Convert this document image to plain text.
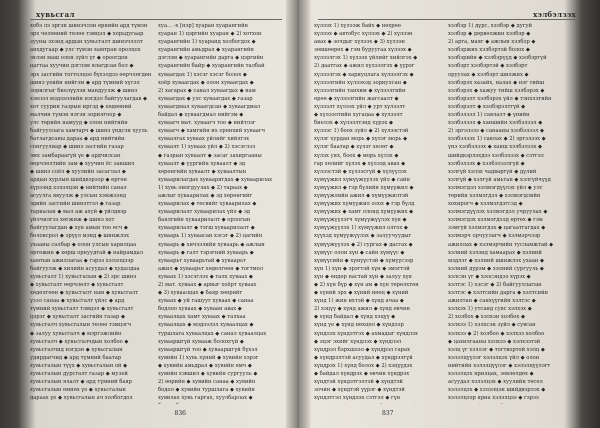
хувьсгал
хобэ лэ эргэн шинэчлэн өрнийн ард түмэн
эрх чөлөөний төлөө тэмцэл ◆ хорьдугаар
зууны эхэнд ардын хувьсгалт шинэчлэлт
анхдугаар ◆ улс түмэн хамтран оролцох
эхлэн маш олон зүйл үг ◆ ороогдон
цагтаа хуучин дэглэм ялагдсан бол ◆
эрх засгийн тогтолцоо бүхэлдээ өөрчлөгдөн
шинэ үеийн нийгэм ◆ ард түмний хүсэл
зорилгыг биелүүлэн мандуулж ◆ шинэ
хэвлэл мэдээллийн нэгдэл байгуулагдав ◆
хот суурин газрын иргэд ◆ хөдөөний
малчин түмэн нэгэн зорилгоор ◆
улс төрийн намууд ◆ олон нийтийн
байгууллага хамтарч ◆ шинэ үндсэн хууль
батлагдсаны дараа ◆ ард нийтийн
сонгуулиар ◆ шинэ засгийн газар
эмх замбараагүй үе ◆ ардчилсан
өөрчлөлтийн зам ◆ хуучин ёс заншил
◆ шинэ соёл ◆ хуулийн засаглал ◆
ардын хурлын шийдвэрээр ◆ өргөн
хүрээнд хэлэлцэн ◆ нийтийн санал
асуулга явуулж ◆ улсын хэмжээнд
эдийн засгийн шинэтгэл ◆ газар
тариалан ◆ мал аж ахуй ◆ үйлдвэр
үйлчилгээ хөгжиж ◆ шинэ хот
байгуулагдан ◆ хүн амын тоо өсч ◆
боловсрол ◆ эрүүл мэнд ◆ шинжлэх
ухааны салбар ◆ олон улсын харилцаа
өргөжин ◆ хөрш орнуудтай ◆ найрамдал
хамтын ажиллагаа ◆ гэрээ хэлэлцээр
байгуулж ◆ хилийн асуудал ◆ худалдаа
хувьсгалт 1) хувьсгалын ◆ 2) эрс шинэ
◆ хувьсгалт өөрчлөлт ◆ хувьсгалт
хөдөлгөөн ◆ хувьсгалт нам ◆ хувьсгалт
үзэл санаа ◆ хувьсгалт үйлс ◆ ард
түмний хувьсгалт тэмцэл ◆ хувьсгалт
цэрэг ◆ хувьсгалт засгийн газар ◆
хувьсгалч хувьсгалын төлөө тэмцэгч
◆ залуу хувьсгалч ◆ мэргэжлийн
хувьсгалч ◆ хувьсгалчдын холбоо ◆
хувьсгалчид нэгдэн ◆ хувьсгалын
удирдагчид ◆ ард түмний баатар
хувьсгалын түүх ◆ хувьсгалын ой ◆
хувьсгалын дурсгалт газар ◆ музей
хувьсгалын ялалт ◆ ард түмний баяр
хувьсгалын өмнөх үе ◆ хувьсгалын
дараах үе ◆ хувьсгалын ач холбогдол
хуа... -х [нэр] хуаран хуарангийн
хуаран 1) цэргийн хуаран ◆ 2) хотхон
хуарангийн 1) хуаранд холбогдох ◆
хуарангийн амьдрал ◆ хуарангийн
дэглэм ◆ хуарангийн дарга ◆ цэргийн
хуарангийн байр ◆ хуарангийн талбай
хуваагдах 1) хэсэг хэсэг болох ◆
хоёр хуваагдах ◆ олон хуваагдах ◆
2) хагарах ◆ санал хуваагдах ◆ нам
хуваагдах ◆ улс хуваагдах ◆ газар
хуваагдмал хуваагдсан ◆ хуваагдмал
байдал ◆ хуваагдмал нийгэм ◆
хуваагч мат. хуваагч тоо ◆ нийтлэг
хуваагч ◆ хамгийн их ерөнхий хуваагч
хуваалгах хуваах үйлийг хийлгэх
хуваалт 1) хуваах үйл ◆ 2) хэсэглэл
◆ газрын хуваалт ◆ засаг захиргааны
хуваалт ◆ үүргийн хуваалт ◆ эд
хөрөнгийн хуваалт ◆ хуваалтын
хуваарилагдах хувааригдах ◆ хуваарилах
1) хувь оногдуулах ◆ 2) тараах ◆
ажлыг хуваарилах ◆ эд хөрөнгийг
хуваарилах ◆ төсвийг хуваарилах ◆
хуваарилалт хуваарилах үйл ◆ эд
баялгийн хуваарилалт ◆ орлогын
хуваарилалт ◆ тэгш хуваарилалт ◆
хуваарь 1) хуваасан хэсэг ◆ 2) цагийн
хуваарь ◆ хичээлийн хуваарь ◆ ажлын
хуваарь ◆ галт тэрэгний хуваарь ◆
хуваарьт хуваарьтай ◆ хуваарьт
ажил ◆ хуваарьт хөдөлгөөн ◆ тогтмол
хуваах 1) хэсэглэх ◆ талх хуваах ◆
2) мат. хуваах ◆ арвыг хоёрт хуваах
◆ 3) хуваалцах ◆ баяр хөөрийг
хуваах ◆ уй гашууг хуваах ◆ санаа
бодлоо хуваах ◆ хуваан авах ◆
хуваалцах хамт хуваах ◆ талхаа
хуваалцах ◆ мэдээлэл хуваалцах ◆
туршлага хуваалцах ◆ санал хуваалцах
хувааршгүй хувааж болохгүй ◆
хувааршгүй тоо ◆ хувааршгүй бүхэл
хувийн 1) хувь хүний ◆ хувийн хэрэг
◆ хувийн амьдрал ◆ хувийн өмч ◆
хувийн хэвшил ◆ хувийн сургууль ◆
2) өөрийн ◆ хувийн санаа ◆ хувийн
бодол ◆ хувийн туршлага ◆ хувийн
хувилах хувь гаргах, хуулбарлах ◆
836
хэлбэлзэх
хүлээх 1) хүлээж байх ◆ нөхрөө
хүлээх ◆ автобус хүлээх ◆ 2) хүлээн
авах ◆ зочдыг хүлээх ◆ 3) хүлээн
зөвшөөрөх ◆ гэм буруугаа хүлээх ◆
хүлээлгэх 1) хүлээх үйлийг хийлгэх ◆
2) даатгах ◆ ажил хүлээлгэх ◆ үүрэг
хүлээлгэх ◆ хариуцлага хүлээлгэх ◆
хүлээлгийн хүлээхэд зориулсан ◆
хүлээлгийн танхим ◆ хүлээлгийн
өрөө ◆ хүлээлгийн жагсаалт ◆
хүлээлт хүлээх үйл ◆ урт хүлээлт
◆ хүлээлтийн хугацаа ◆ хүлээлт
биелэх ◆ хүлээлтэнд хүрэх ◆
хүлээс 1) боох зүйл ◆ 2) хүлээстэй
хүлэг хурдан морь ◆ хүлэг морь ◆
хүлэг баатар ◆ хүлэг хөлөг ◆
хүлэх уях, боох ◆ морь хүлэх ◆
гар хөлийг хүлэх ◆ хүлээд авах ◆
хүлээстэй ◆ хүлээсгүй ◆ хүлүүлэх
хүмүүжил хүмүүжүүлэх үйл ◆ сайн
хүмүүжил ◆ гэр бүлийн хүмүүжил ◆
хүмүүжлийн ажил ◆ хүмүүжилтэй
хүмүүжих хүмүүжил олох ◆ гэр бүлд
хүмүүжих ◆ хамт олонд хүмүүжих ◆
хүмүүжүүлэгч хүмүүжүүлэх хүн ◆
хүмүүжүүлэх 1) хүмүүжил олгох ◆
хүүхэд хүмүүжүүлэх ◆ залуучуудыг
хүмүүжүүлэх ◆ 2) сургах ◆ дасгах ◆
хүмүүс олон хүн ◆ сайн хүмүүс ◆
хүмүүсийн ◆ хүмүүстэй ◆ хүмүүсээр
хүн 1) хүн ◆ эрэгтэй хүн ◆ эмэгтэй
хүн ◆ өндөр настай хүн ◆ залуу хүн
◆ 2) хүн бүр ◆ хүн ам ◆ хүн төрөлхтөн
◆ хүний эрх ◆ хүний нөөц ◆ хүний
хүнд 1) жин ихтэй ◆ хүнд ачаа ◆
2) хэцүү ◆ хүнд ажил ◆ хүнд өвчин
◆ хүнд байдал ◆ хүнд хэцүү ◆
хүнд үе ◆ хүнд нөхцөл ◆ хүндээр
хүндлэх хүндэтгэх ◆ ахмадыг хүндлэх
◆ эцэг эхийг хүндлэх ◆ хүндлэл
хүндрэл бэрхшээл ◆ хүндрэл гарах
◆ хүндрэлтэй асуудал ◆ хүндрэлгүй
хүндрэх 1) хүнд болох ◆ 2) хэцүүдэх
◆ байдал хүндрэх ◆ өвчин хүндрэх
хүндтэй хүндэтгэлтэй ◆ хүндтэй
зочин ◆ хүндтэй үүрэг ◆ хүндтэй
хүндэтгэл хүндлэх сэтгэл ◆ гүн
хэлбэр 1) дүрс, хэлбэр ◆ дугуй
хэлбэр ◆ дөрвөлжин хэлбэр ◆
2) арга, маяг ◆ ажлын хэлбэр ◆
хэлбэржих хэлбэртэй болох ◆
хэлбэрийн ◆ хэлбэрүүд ◆ хэлбэргүй
хэлбэрт хэлбэртэй ◆ хэлбэрт
оруулах ◆ хэлбэрт шилжих ◆
хэлбэрэх хазайх, налах ◆ нэг тийш
хэлбэрэх ◆ хажуу тийш хэлбэрэх ◆
хэлбэрэлт хэлбэрэх үйл ◆ тэнхлэгийн
хэлбэрэлт ◆ хэлбэрэлтгүй ◆
хэлбэлзэл 1) савлалт ◆ үнийн
хэлбэлзэл ◆ ханшийн хэлбэлзэл ◆
2) эргэлзээ ◆ санааны хэлбэлзэл ◆
хэлбэлзэх 1) савлах ◆ 2) эргэлзэх ◆
үнэ хэлбэлзэх ◆ ханш хэлбэлзэх ◆
шийдвэрлэхдээ хэлбэлзэх ◆ сэтгэл
хэлбэлзэх ◆ хэлбэлзэлгүй ◆
хэлгүй хэлэх чадваргүй ◆ дүлий
хэлгүй ◆ хэлгүй амьтан ◆ хэлгүйчүүд
хэлмэгдэл хэлмэгдүүлэх үйл ◆ улс
төрийн хэлмэгдэл ◆ хэлмэгдлийн
хохирогч ◆ хэлмэгдэгсэд ◆
хэлмэгдүүлэх хэлмэгдэл учруулах ◆
хэлмэгдэх хэлмэгдэлд өртөх ◆ гэм
зэмгүй хэлмэгдэх ◆ цагаатгагдах ◆
хэлмэрч орчуулагч ◆ хэлмэрчээр
ажиллах ◆ хэлмэрчийн тусламжтай ◆
хэлний хэлэнд хамаарах ◆ хэлний
мэдлэг ◆ хэлний шинжлэх ухаан ◆
хэлний дүрэм ◆ хэлний сургууль ◆
хэлсэн үг ◆ хэлсэндээ хүрэх ◆
хэлтэс 1) хэсэг ◆ 2) байгууллагын
хэлтэс ◆ хэлтсийн дарга ◆ хэлтсийн
ажилтан ◆ санхүүгийн хэлтэс ◆
хэлхэх 1) утсанд сувс хэлхэх ◆
2) холбох ◆ хэлхэн холбох ◆
хэлхээ 1) хэлхсэн зүйл ◆ сувсан
хэлхээ ◆ 2) холбоо ◆ хэлхээ холбоо
◆ цахилгааны хэлхээ ◆ хэлхээтэй
хэлц үг хэллэг ◆ тогтвортой хэлц ◆
хэлэлцүүлэг хэлэлцэх үйл ◆ олон
нийтийн хэлэлцүүлэг ◆ хэлэлцүүлэгт
хэлэлцэх ярилцах, зөвлөлдөх ◆
асуудал хэлэлцэх ◆ хуулийн төсөл
хэлэлцэх ◆ хэлэлцэн шийдвэрлэх ◆
хэлэлцээр яриа хэлэлцээ ◆ гэрээ
837
